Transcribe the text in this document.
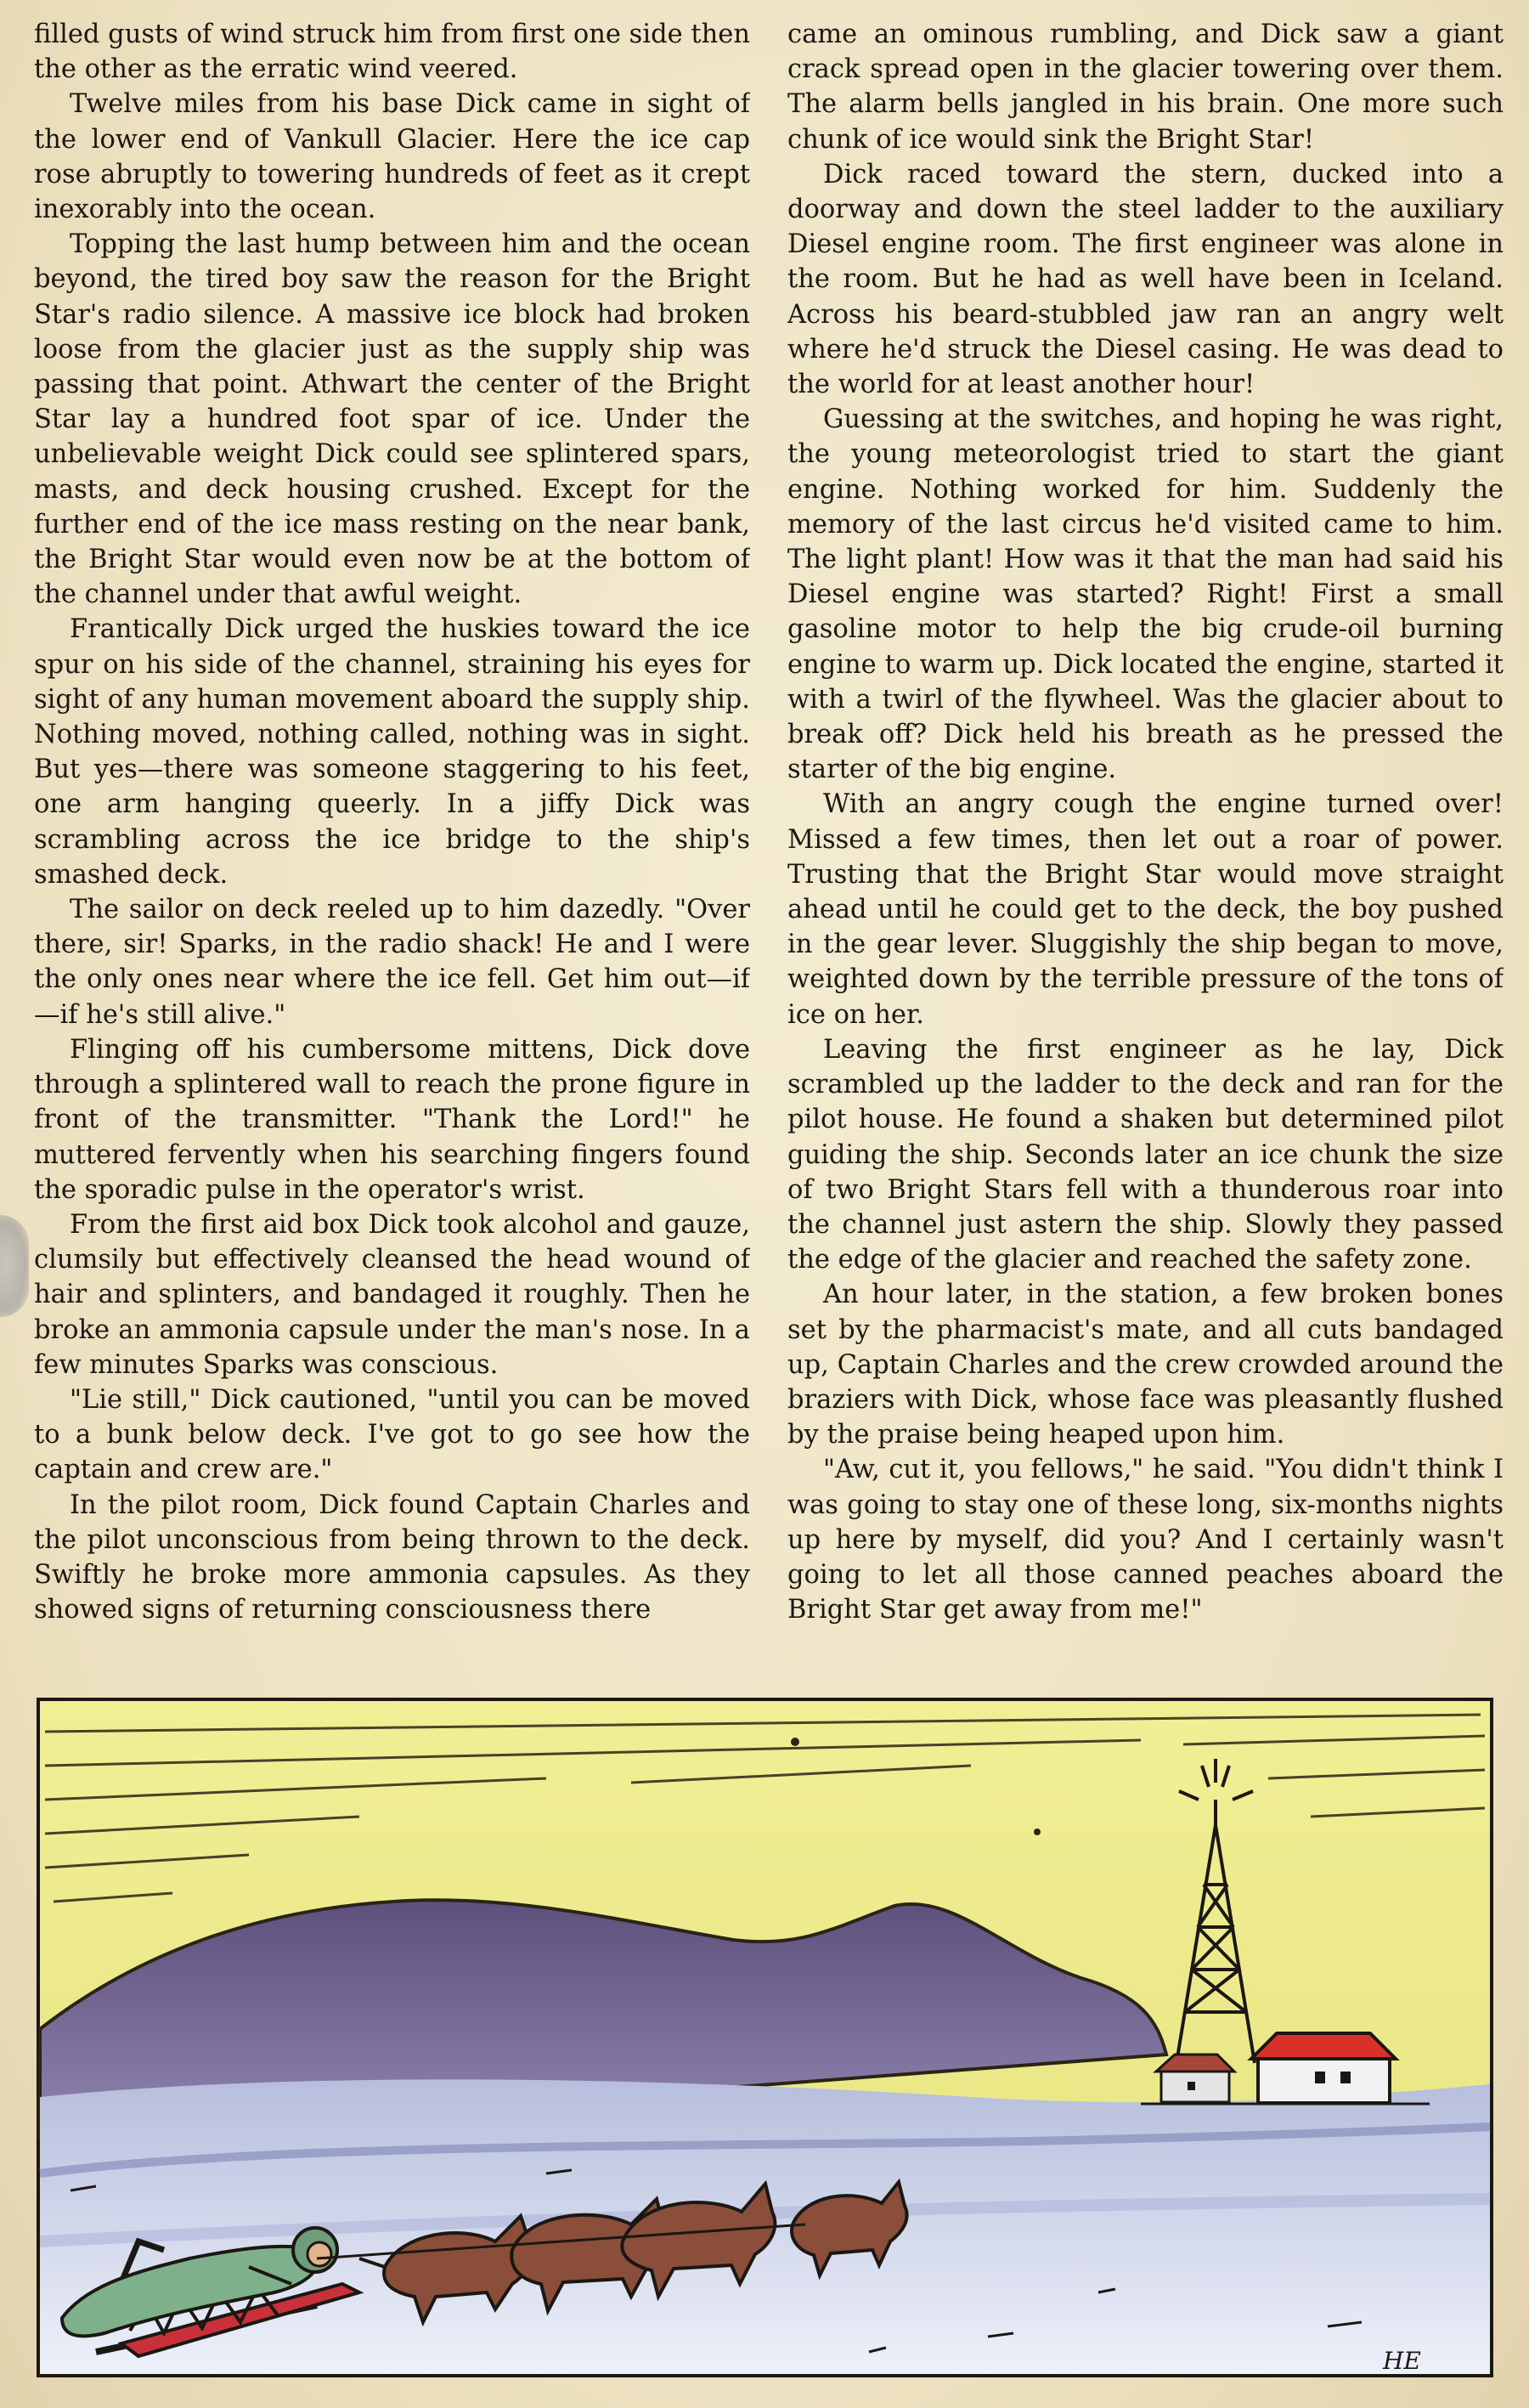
filled gusts of wind struck him from first one side then the other as the erratic wind veered.

Twelve miles from his base Dick came in sight of the lower end of Vankull Glacier. Here the ice cap rose abruptly to towering hundreds of feet as it crept inexorably into the ocean.

Topping the last hump between him and the ocean beyond, the tired boy saw the reason for the Bright Star's radio silence. A massive ice block had broken loose from the glacier just as the supply ship was passing that point. Athwart the center of the Bright Star lay a hundred foot spar of ice. Under the unbelievable weight Dick could see splintered spars, masts, and deck housing crushed. Except for the further end of the ice mass resting on the near bank, the Bright Star would even now be at the bottom of the channel under that awful weight.

Frantically Dick urged the huskies toward the ice spur on his side of the channel, straining his eyes for sight of any human movement aboard the supply ship. Nothing moved, nothing called, nothing was in sight. But yes—there was someone staggering to his feet, one arm hanging queerly. In a jiffy Dick was scrambling across the ice bridge to the ship's smashed deck.

The sailor on deck reeled up to him dazedly. "Over there, sir! Sparks, in the radio shack! He and I were the only ones near where the ice fell. Get him out—if—if he's still alive."

Flinging off his cumbersome mittens, Dick dove through a splintered wall to reach the prone figure in front of the transmitter. "Thank the Lord!" he muttered fervently when his searching fingers found the sporadic pulse in the operator's wrist.

From the first aid box Dick took alcohol and gauze, clumsily but effectively cleansed the head wound of hair and splinters, and bandaged it roughly. Then he broke an ammonia capsule under the man's nose. In a few minutes Sparks was conscious.

"Lie still," Dick cautioned, "until you can be moved to a bunk below deck. I've got to go see how the captain and crew are."

In the pilot room, Dick found Captain Charles and the pilot unconscious from being thrown to the deck. Swiftly he broke more ammonia capsules. As they showed signs of returning consciousness there

came an ominous rumbling, and Dick saw a giant crack spread open in the glacier towering over them. The alarm bells jangled in his brain. One more such chunk of ice would sink the Bright Star!

Dick raced toward the stern, ducked into a doorway and down the steel ladder to the auxiliary Diesel engine room. The first engineer was alone in the room. But he had as well have been in Iceland. Across his beard-stubbled jaw ran an angry welt where he'd struck the Diesel casing. He was dead to the world for at least another hour!

Guessing at the switches, and hoping he was right, the young meteorologist tried to start the giant engine. Nothing worked for him. Suddenly the memory of the last circus he'd visited came to him. The light plant! How was it that the man had said his Diesel engine was started? Right! First a small gasoline motor to help the big crude-oil burning engine to warm up. Dick located the engine, started it with a twirl of the flywheel. Was the glacier about to break off? Dick held his breath as he pressed the starter of the big engine.

With an angry cough the engine turned over! Missed a few times, then let out a roar of power. Trusting that the Bright Star would move straight ahead until he could get to the deck, the boy pushed in the gear lever. Sluggishly the ship began to move, weighted down by the terrible pressure of the tons of ice on her.

Leaving the first engineer as he lay, Dick scrambled up the ladder to the deck and ran for the pilot house. He found a shaken but determined pilot guiding the ship. Seconds later an ice chunk the size of two Bright Stars fell with a thunderous roar into the channel just astern the ship. Slowly they passed the edge of the glacier and reached the safety zone.

An hour later, in the station, a few broken bones set by the pharmacist's mate, and all cuts bandaged up, Captain Charles and the crew crowded around the braziers with Dick, whose face was pleasantly flushed by the praise being heaped upon him.

"Aw, cut it, you fellows," he said. "You didn't think I was going to stay one of these long, six-months nights up here by myself, did you? And I certainly wasn't going to let all those canned peaches aboard the Bright Star get away from me!"

HE
